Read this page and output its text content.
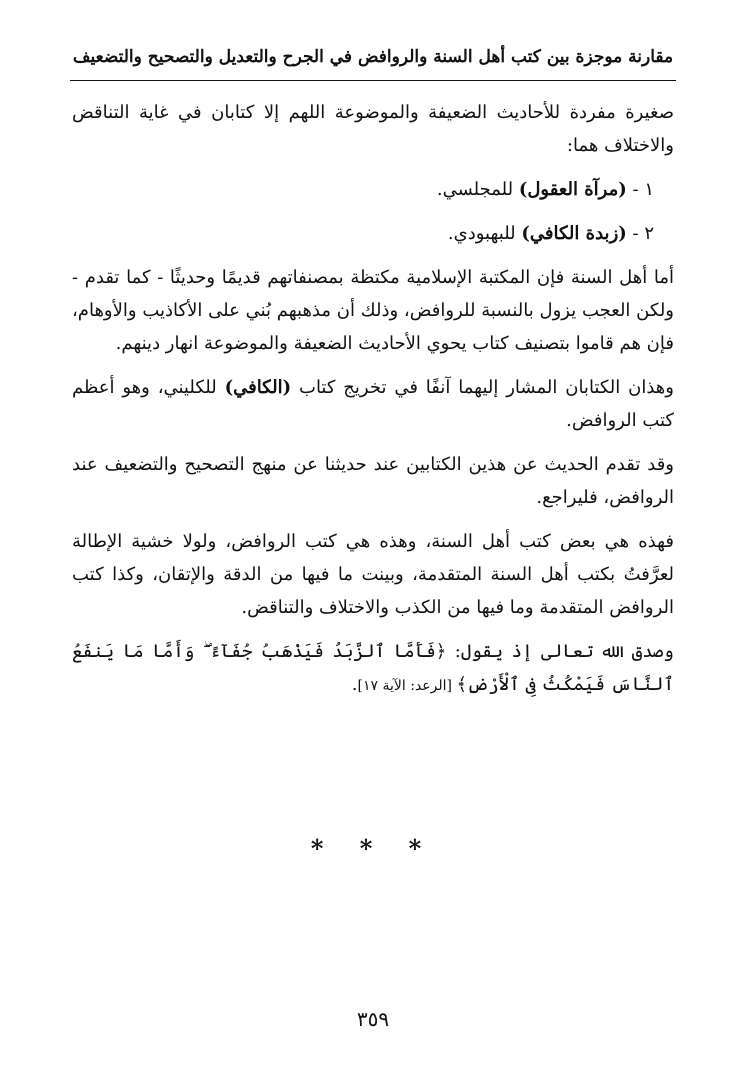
مقارنة موجزة بين كتب أهل السنة والروافض في الجرح والتعديل والتصحيح والتضعيف

صغيرة مفردة للأحاديث الضعيفة والموضوعة اللهم إلا كتابان في غاية التناقض والاختلاف هما:

١ - (مرآة العقول) للمجلسي.

٢ - (زبدة الكافي) للبهبودي.

أما أهل السنة فإن المكتبة الإسلامية مكتظة بمصنفاتهم قديمًا وحديثًا - كما تقدم - ولكن العجب يزول بالنسبة للروافض، وذلك أن مذهبهم بُني على الأكاذيب والأوهام، فإن هم قاموا بتصنيف كتاب يحوي الأحاديث الضعيفة والموضوعة انهار دينهم.

وهذان الكتابان المشار إليهما آنفًا في تخريج كتاب (الكافي) للكليني، وهو أعظم كتب الروافض.

وقد تقدم الحديث عن هذين الكتابين عند حديثنا عن منهج التصحيح والتضعيف عند الروافض، فليراجع.

فهذه هي بعض كتب أهل السنة، وهذه هي كتب الروافض، ولولا خشية الإطالة لعرَّفتُ بكتب أهل السنة المتقدمة، وبينت ما فيها من الدقة والإتقان، وكذا كتب الروافض المتقدمة وما فيها من الكذب والاختلاف والتناقض.

وصدق الله تعالى إذ يقول: ﴿فَأَمَّا ٱلزَّبَدُ فَيَذْهَبُ جُفَآءً ۖ وَأَمَّا مَا يَنفَعُ ٱلنَّاسَ فَيَمْكُثُ فِى ٱلْأَرْضِ﴾ [الرعد: الآية ١٧].

* * *
٣٥٩
